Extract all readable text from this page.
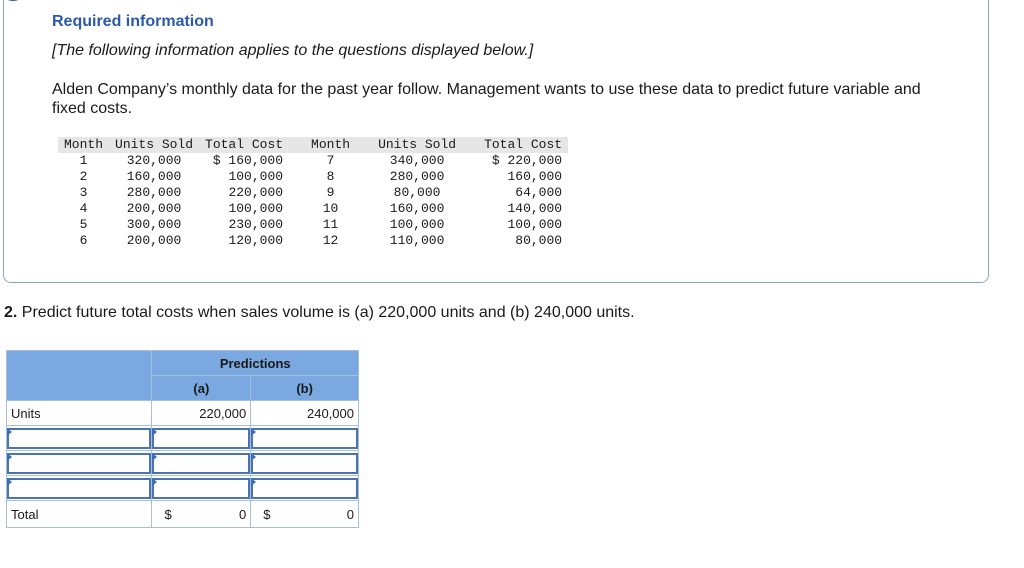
Required information
[The following information applies to the questions displayed below.]
Alden Company’s monthly data for the past year follow. Management wants to use these data to predict future variable and fixed costs.
Month	Units Sold	Total Cost	Month	Units Sold	Total Cost
1	320,000	$ 160,000	7	340,000	$ 220,000
2	160,000	100,000	8	280,000	160,000
3	280,000	220,000	9	80,000	64,000
4	200,000	100,000	10	160,000	140,000
5	300,000	230,000	11	100,000	100,000
6	200,000	120,000	12	110,000	80,000
2. Predict future total costs when sales volume is (a) 220,000 units and (b) 240,000 units.
	Predictions	
	(a)	(b)
Units	220,000	240,000

Total	$ 0	$ 0
